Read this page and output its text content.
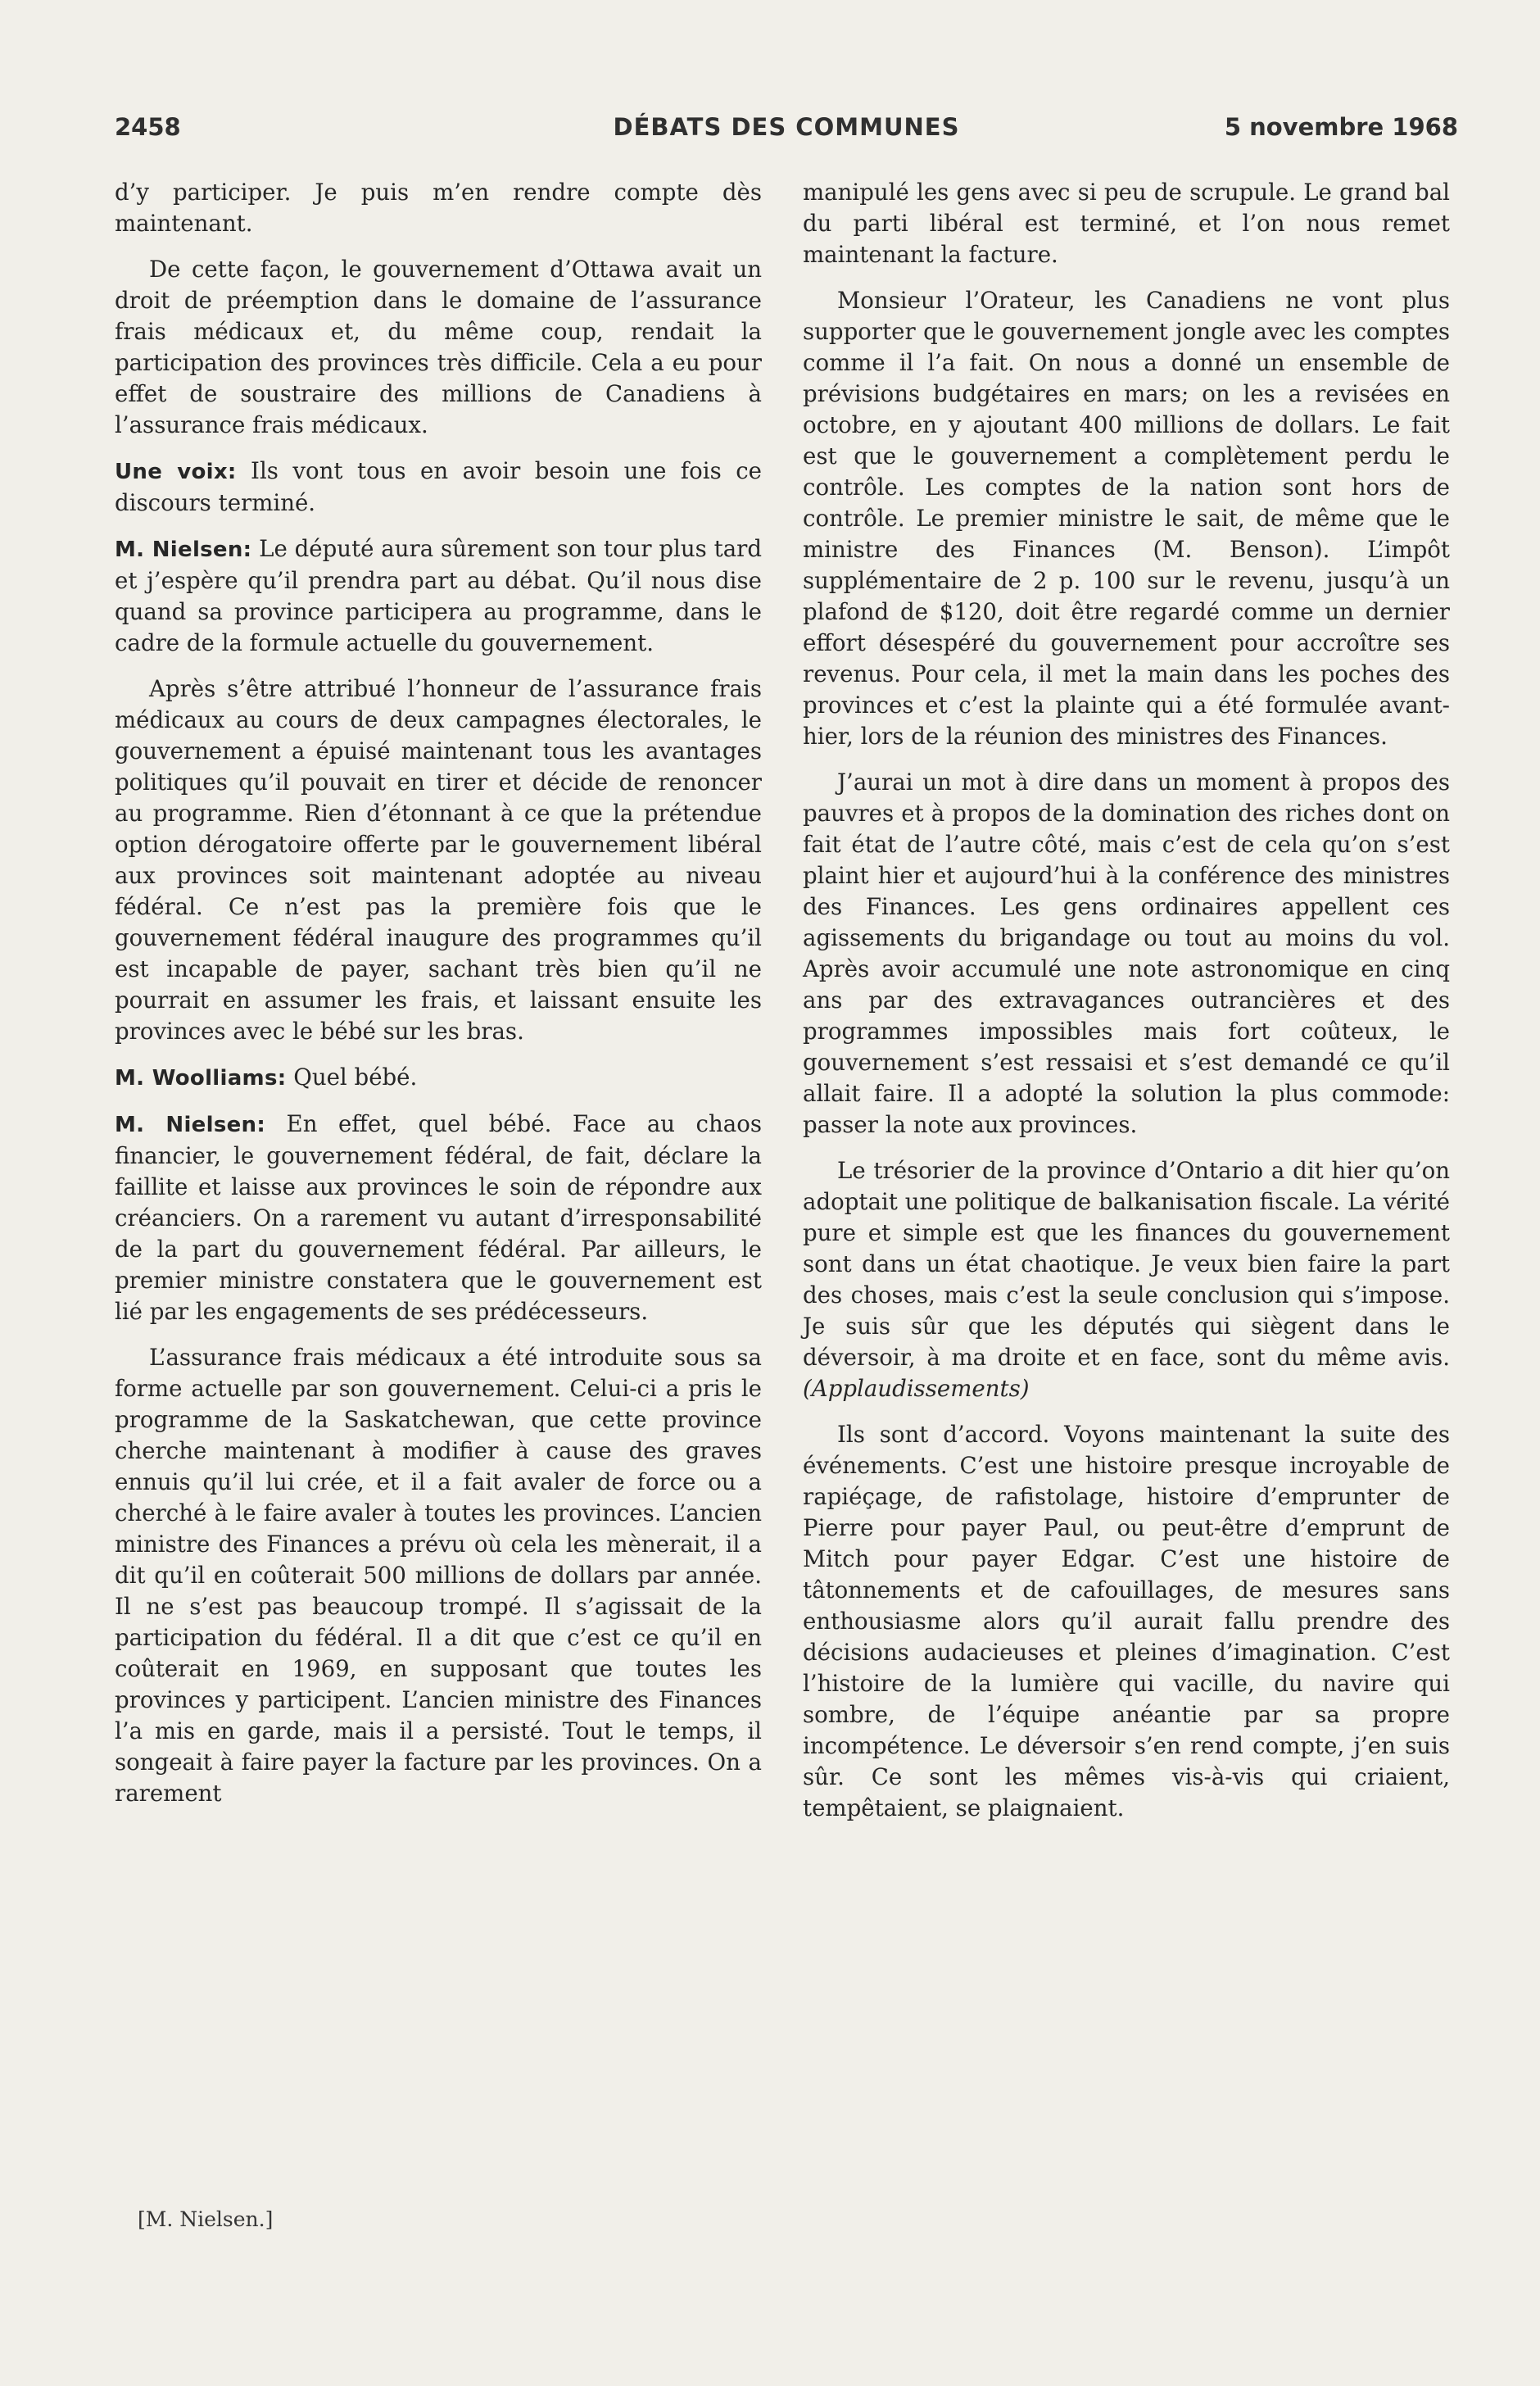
2458	DÉBATS DES COMMUNES	5 novembre 1968

d’y participer. Je puis m’en rendre compte dès maintenant.

De cette façon, le gouvernement d’Ottawa avait un droit de préemption dans le domaine de l’assurance frais médicaux et, du même coup, rendait la participation des provinces très difficile. Cela a eu pour effet de soustraire des millions de Canadiens à l’assurance frais médicaux.

Une voix: Ils vont tous en avoir besoin une fois ce discours terminé.

M. Nielsen: Le député aura sûrement son tour plus tard et j’espère qu’il prendra part au débat. Qu’il nous dise quand sa province participera au programme, dans le cadre de la formule actuelle du gouvernement.

Après s’être attribué l’honneur de l’assurance frais médicaux au cours de deux campagnes électorales, le gouvernement a épuisé maintenant tous les avantages politiques qu’il pouvait en tirer et décide de renoncer au programme. Rien d’étonnant à ce que la prétendue option dérogatoire offerte par le gouvernement libéral aux provinces soit maintenant adoptée au niveau fédéral. Ce n’est pas la première fois que le gouvernement fédéral inaugure des programmes qu’il est incapable de payer, sachant très bien qu’il ne pourrait en assumer les frais, et laissant ensuite les provinces avec le bébé sur les bras.

M. Woolliams: Quel bébé.

M. Nielsen: En effet, quel bébé. Face au chaos financier, le gouvernement fédéral, de fait, déclare la faillite et laisse aux provinces le soin de répondre aux créanciers. On a rarement vu autant d’irresponsabilité de la part du gouvernement fédéral. Par ailleurs, le premier ministre constatera que le gouvernement est lié par les engagements de ses prédécesseurs.

L’assurance frais médicaux a été introduite sous sa forme actuelle par son gouvernement. Celui-ci a pris le programme de la Saskatchewan, que cette province cherche maintenant à modifier à cause des graves ennuis qu’il lui crée, et il a fait avaler de force ou a cherché à le faire avaler à toutes les provinces. L’ancien ministre des Finances a prévu où cela les mènerait, il a dit qu’il en coûterait 500 millions de dollars par année. Il ne s’est pas beaucoup trompé. Il s’agissait de la participation du fédéral. Il a dit que c’est ce qu’il en coûterait en 1969, en supposant que toutes les provinces y participent. L’ancien ministre des Finances l’a mis en garde, mais il a persisté. Tout le temps, il songeait à faire payer la facture par les provinces. On a rarement

manipulé les gens avec si peu de scrupule. Le grand bal du parti libéral est terminé, et l’on nous remet maintenant la facture.

Monsieur l’Orateur, les Canadiens ne vont plus supporter que le gouvernement jongle avec les comptes comme il l’a fait. On nous a donné un ensemble de prévisions budgétaires en mars; on les a revisées en octobre, en y ajoutant 400 millions de dollars. Le fait est que le gouvernement a complètement perdu le contrôle. Les comptes de la nation sont hors de contrôle. Le premier ministre le sait, de même que le ministre des Finances (M. Benson). L’impôt supplémentaire de 2 p. 100 sur le revenu, jusqu’à un plafond de $120, doit être regardé comme un dernier effort désespéré du gouvernement pour accroître ses revenus. Pour cela, il met la main dans les poches des provinces et c’est la plainte qui a été formulée avant-hier, lors de la réunion des ministres des Finances.

J’aurai un mot à dire dans un moment à propos des pauvres et à propos de la domination des riches dont on fait état de l’autre côté, mais c’est de cela qu’on s’est plaint hier et aujourd’hui à la conférence des ministres des Finances. Les gens ordinaires appellent ces agissements du brigandage ou tout au moins du vol. Après avoir accumulé une note astronomique en cinq ans par des extravagances outrancières et des programmes impossibles mais fort coûteux, le gouvernement s’est ressaisi et s’est demandé ce qu’il allait faire. Il a adopté la solution la plus commode: passer la note aux provinces.

Le trésorier de la province d’Ontario a dit hier qu’on adoptait une politique de balkanisation fiscale. La vérité pure et simple est que les finances du gouvernement sont dans un état chaotique. Je veux bien faire la part des choses, mais c’est la seule conclusion qui s’impose. Je suis sûr que les députés qui siègent dans le déversoir, à ma droite et en face, sont du même avis. (Applaudissements)

Ils sont d’accord. Voyons maintenant la suite des événements. C’est une histoire presque incroyable de rapiéçage, de rafistolage, histoire d’emprunter de Pierre pour payer Paul, ou peut-être d’emprunt de Mitch pour payer Edgar. C’est une histoire de tâtonnements et de cafouillages, de mesures sans enthousiasme alors qu’il aurait fallu prendre des décisions audacieuses et pleines d’imagination. C’est l’histoire de la lumière qui vacille, du navire qui sombre, de l’équipe anéantie par sa propre incompétence. Le déversoir s’en rend compte, j’en suis sûr. Ce sont les mêmes vis-à-vis qui criaient, tempêtaient, se plaignaient.

[M. Nielsen.]
